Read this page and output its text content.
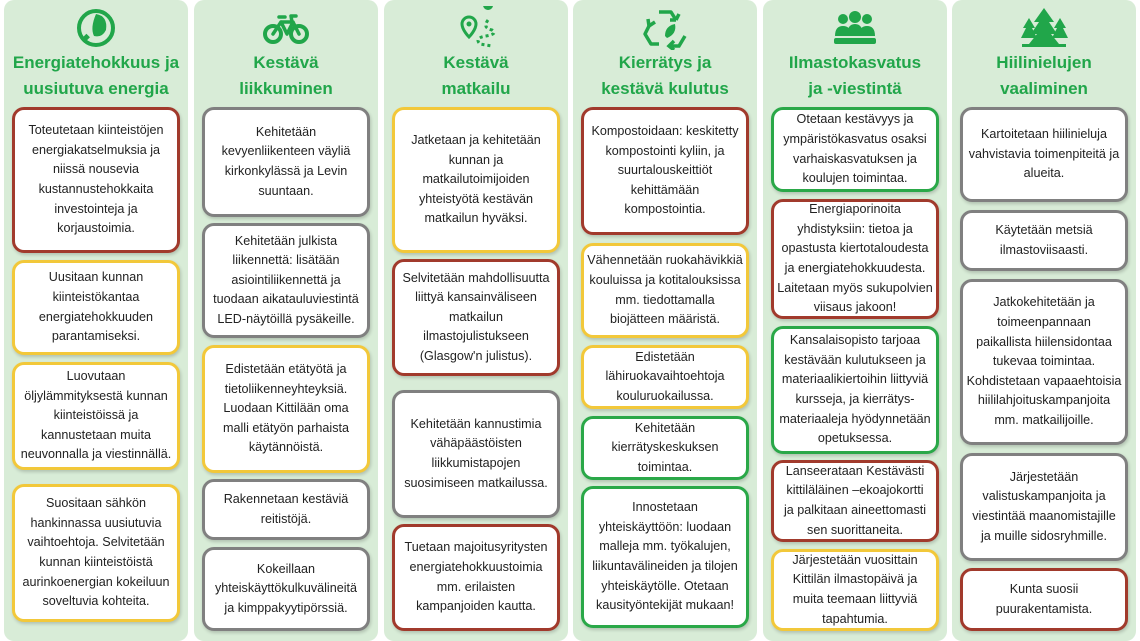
Energiatehokkuus ja
uusiutuva energia
Toteutetaan kiinteistöjen
energiakatselmuksia ja
niissä nousevia
kustannustehokkaita
investointeja ja
korjaustoimia.
Uusitaan kunnan
kiinteistökantaa
energiatehokkuuden
parantamiseksi.
Luovutaan
öljylämmityksestä kunnan
kiinteistöissä ja
kannustetaan muita
neuvonnalla ja viestinnällä.
Suositaan sähkön
hankinnassa uusiutuvia
vaihtoehtoja. Selvitetään
kunnan kiinteistöistä
aurinkoenergian kokeiluun
soveltuvia kohteita.
Kestävä
liikkuminen
Kehitetään
kevyenliikenteen väyliä
kirkonkylässä ja Levin
suuntaan.
Kehitetään julkista
liikennettä: lisätään
asiointiliikennettä ja
tuodaan aikatauluviestintä
LED-näytöillä pysäkeille.
Edistetään etätyötä ja
tietoliikenneyhteyksiä.
Luodaan Kittilään oma
malli etätyön parhaista
käytännöistä.
Rakennetaan kestäviä
reitistöjä.
Kokeillaan
yhteiskäyttökulkuvälineitä
ja kimppakyytipörssiä.
Kestävä
matkailu
Jatketaan ja kehitetään
kunnan ja
matkailutoimijoiden
yhteistyötä kestävän
matkailun hyväksi.
Selvitetään mahdollisuutta
liittyä kansainväliseen
matkailun
ilmastojulistukseen
(Glasgow'n julistus).
Kehitetään kannustimia
vähäpäästöisten
liikkumistapojen
suosimiseen matkailussa.
Tuetaan majoitusyritysten
energiatehokkuustoimia
mm. erilaisten
kampanjoiden kautta.
Kierrätys ja
kestävä kulutus
Kompostoidaan: keskitetty
kompostointi kyliin, ja
suurtalouskeittiöt
kehittämään
kompostointia.
Vähennetään ruokahävikkiä
kouluissa ja kotitalouksissa
mm. tiedottamalla
biojätteen määristä.
Edistetään
lähiruokavaihtoehtoja
kouluruokailussa.
Kehitetään
kierrätyskeskuksen
toimintaa.
Innostetaan
yhteiskäyttöön: luodaan
malleja mm. työkalujen,
liikuntavälineiden ja tilojen
yhteiskäytölle. Otetaan
kausityöntekijät mukaan!
Ilmastokasvatus
ja -viestintä
Otetaan kestävyys ja
ympäristökasvatus osaksi
varhaiskasvatuksen ja
koulujen toimintaa.
Energiaporinoita
yhdistyksiin: tietoa ja
opastusta kiertotaloudesta
ja energiatehokkuudesta.
Laitetaan myös sukupolvien
viisaus jakoon!
Kansalaisopisto tarjoaa
kestävään kulutukseen ja
materiaalikiertoihin liittyviä
kursseja, ja kierrätys-
materiaaleja hyödynnetään
opetuksessa.
Lanseerataan Kestävästi
kittiläläinen –ekoajokortti
ja palkitaan aineettomasti
sen suorittaneita.
Järjestetään vuosittain
Kittilän ilmastopäivä ja
muita teemaan liittyviä
tapahtumia.
Hiilinielujen
vaaliminen
Kartoitetaan hiilinieluja
vahvistavia toimenpiteitä ja
alueita.
Käytetään metsiä
ilmastoviisaasti.
Jatkokehitetään ja
toimeenpannaan
paikallista hiilensidontaa
tukevaa toimintaa.
Kohdistetaan vapaaehtoisia
hiililahjoituskampanjoita
mm. matkailijoille.
Järjestetään
valistuskampanjoita ja
viestintää maanomistajille
ja muille sidosryhmille.
Kunta suosii
puurakentamista.
